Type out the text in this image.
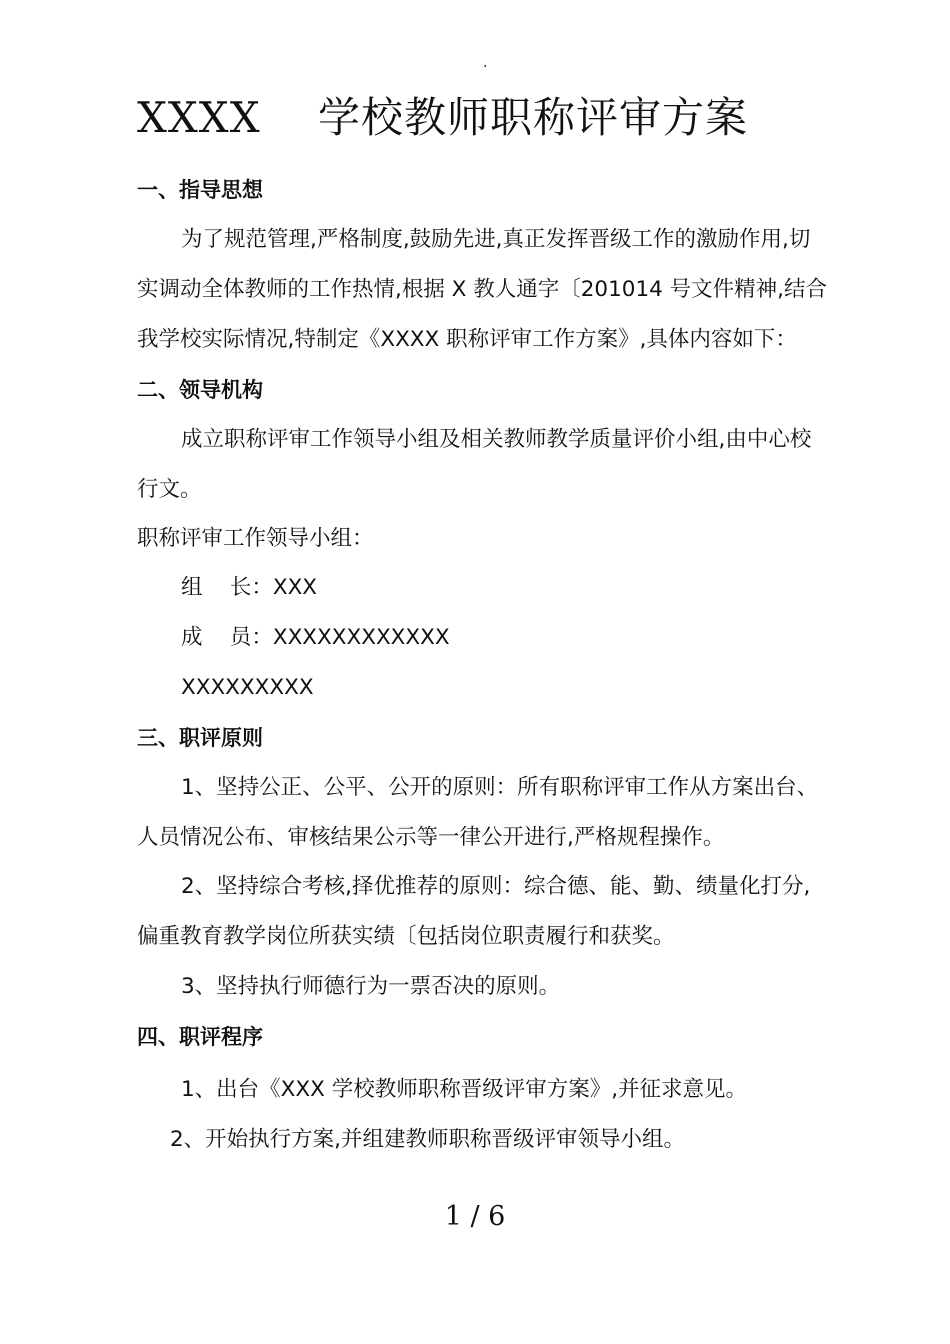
.
XXXX    学校教师职称评审方案
一、指导思想
为了规范管理,严格制度,鼓励先进,真正发挥晋级工作的激励作用,切
实调动全体教师的工作热情,根据 X 教人通字〔201014 号文件精神,结合
我学校实际情况,特制定《XXXX 职称评审工作方案》,具体内容如下：
二、领导机构
成立职称评审工作领导小组及相关教师教学质量评价小组,由中心校
行文。
职称评审工作领导小组：
组    长：XXX
成    员：XXXXXXXXXXXX
XXXXXXXXX
三、职评原则
1、坚持公正、公平、公开的原则：所有职称评审工作从方案出台、
人员情况公布、审核结果公示等一律公开进行,严格规程操作。
2、坚持综合考核,择优推荐的原则：综合德、能、勤、绩量化打分,
偏重教育教学岗位所获实绩〔包括岗位职责履行和获奖。
3、坚持执行师德行为一票否决的原则。
四、职评程序
1、出台《XXX 学校教师职称晋级评审方案》,并征求意见。
2、开始执行方案,并组建教师职称晋级评审领导小组。
1 / 6
